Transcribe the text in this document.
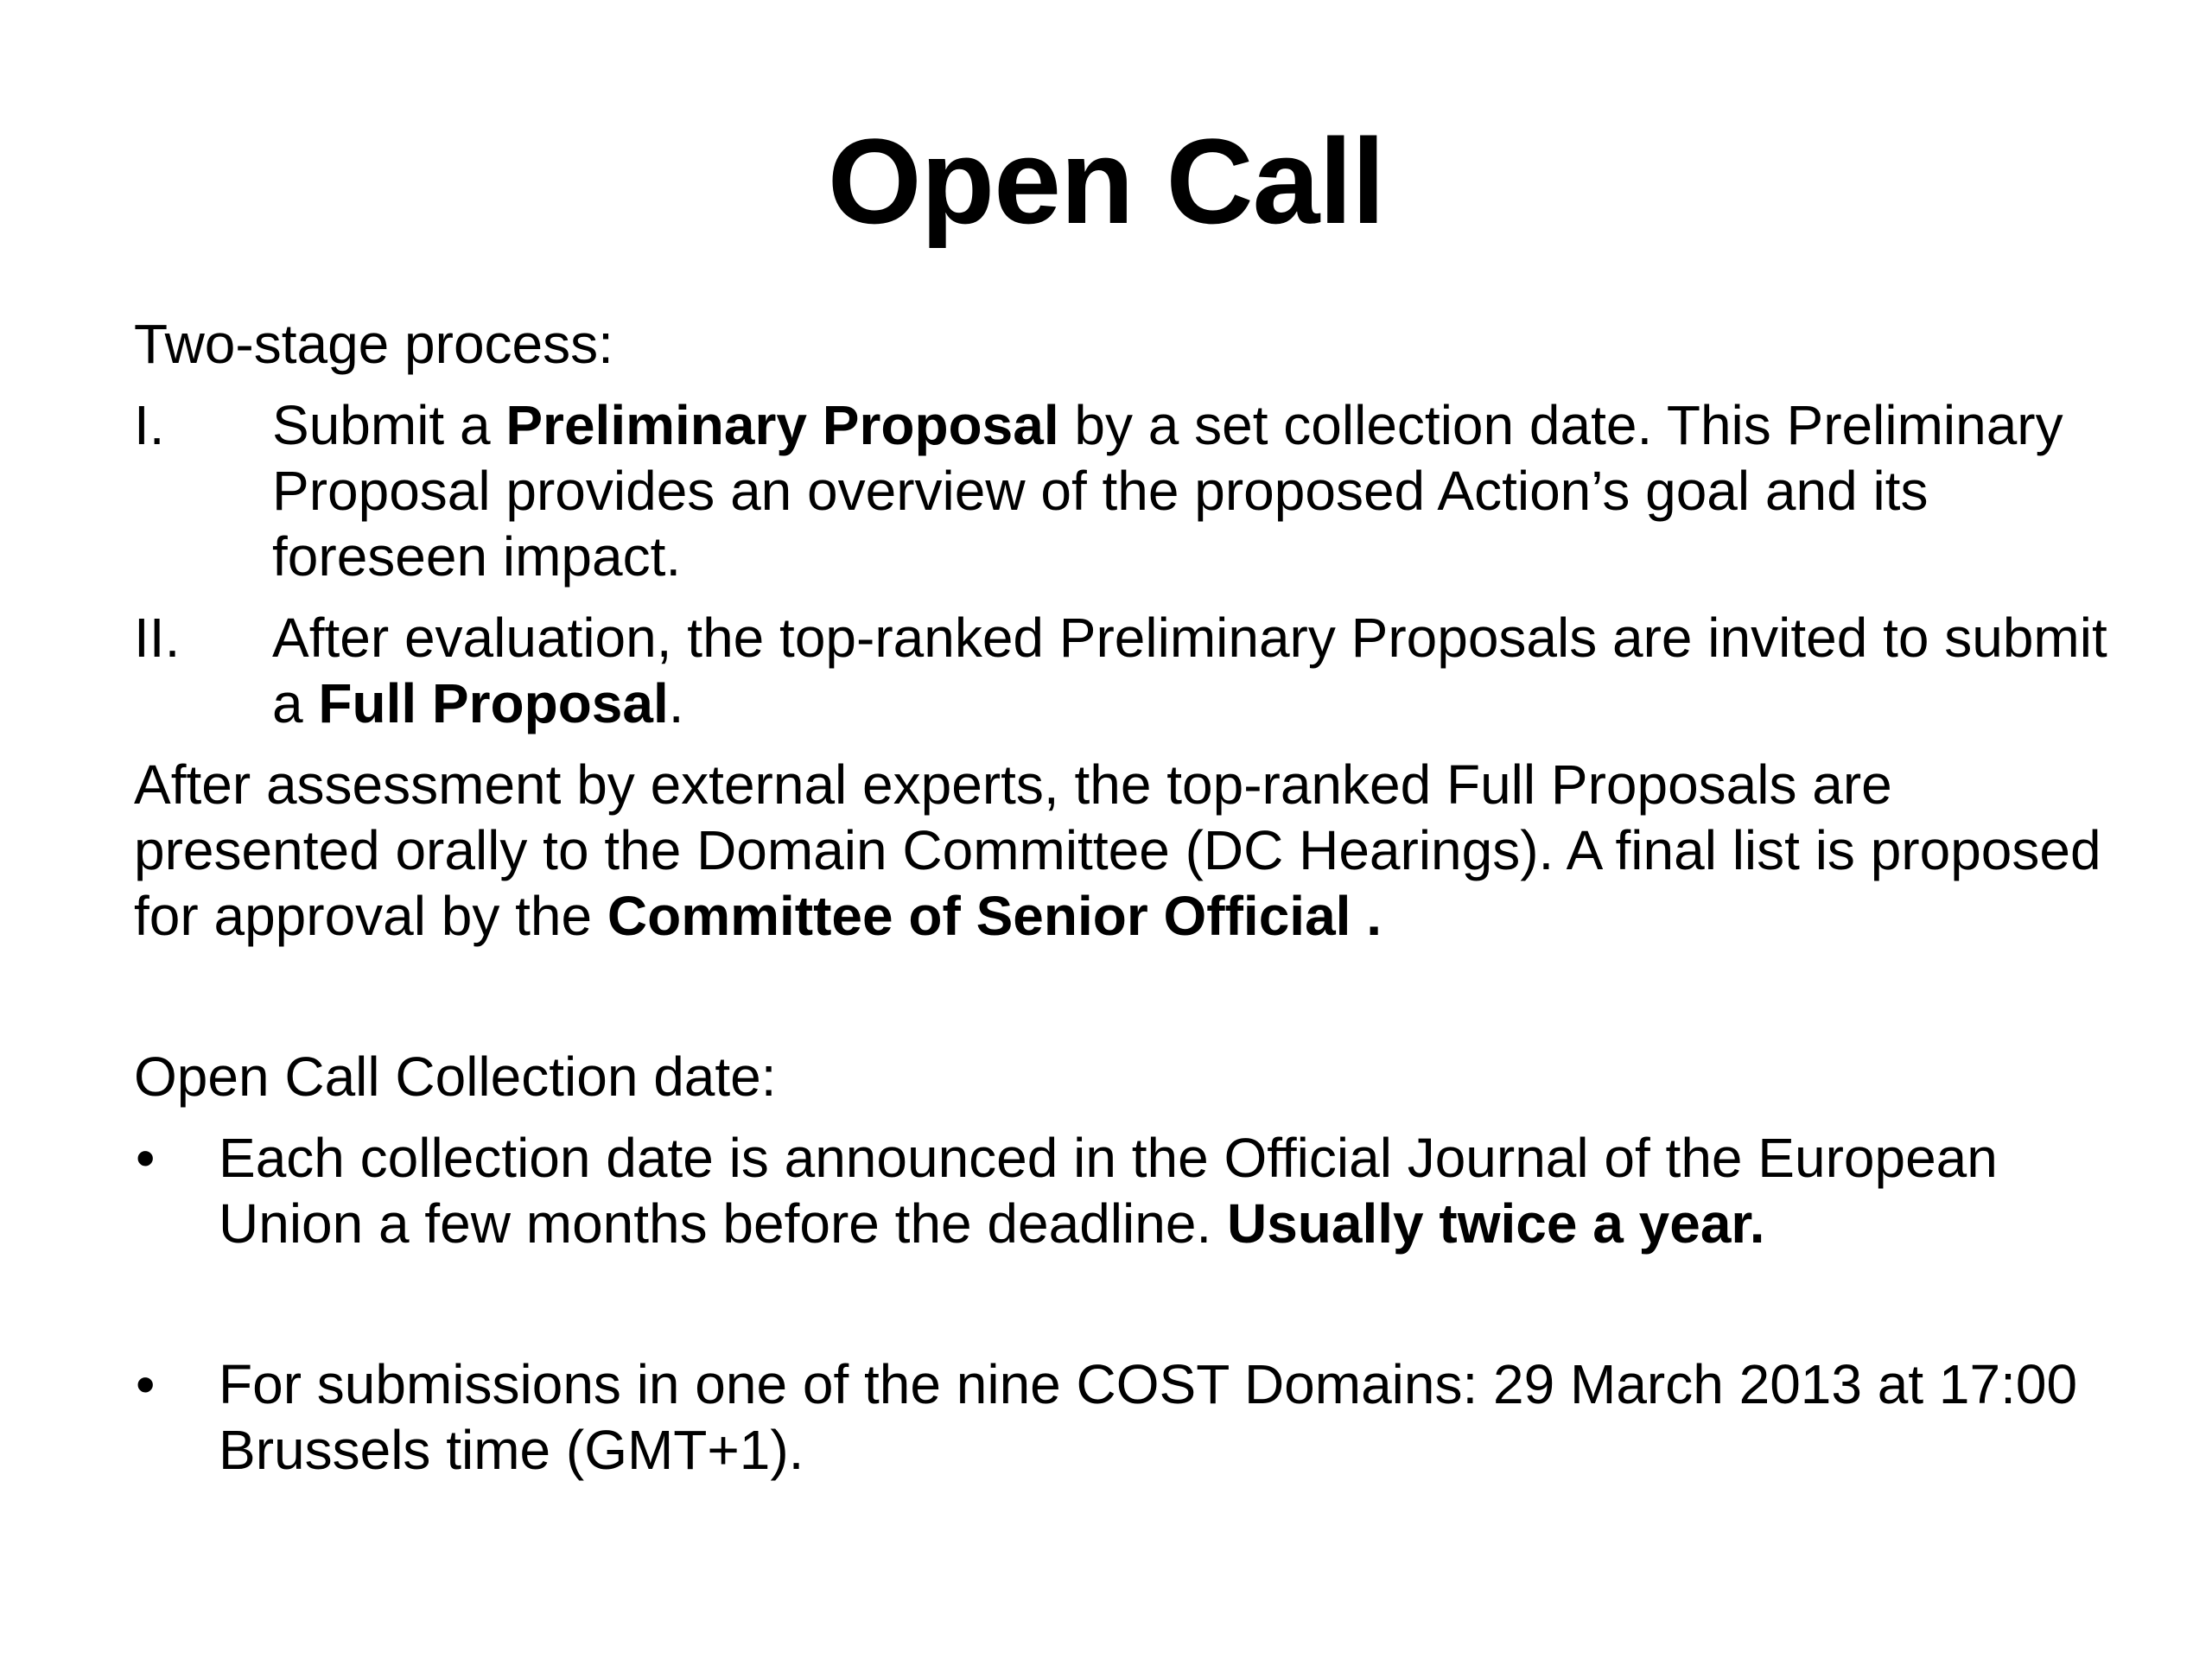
Open Call

Two-stage process:

I. Submit a Preliminary Proposal by a set collection date. This Preliminary Proposal provides an overview of the proposed Action’s goal and its foreseen impact.
II. After evaluation, the top-ranked Preliminary Proposals are invited to submit a Full Proposal.

After assessment by external experts, the top-ranked Full Proposals are presented orally to the Domain Committee (DC Hearings). A final list is proposed for approval by the Committee of Senior Official .

Open Call Collection date:

• Each collection date is announced in the Official Journal of the European Union a few months before the deadline. Usually twice a year.
• For submissions in one of the nine COST Domains: 29 March 2013 at 17:00 Brussels time (GMT+1).
